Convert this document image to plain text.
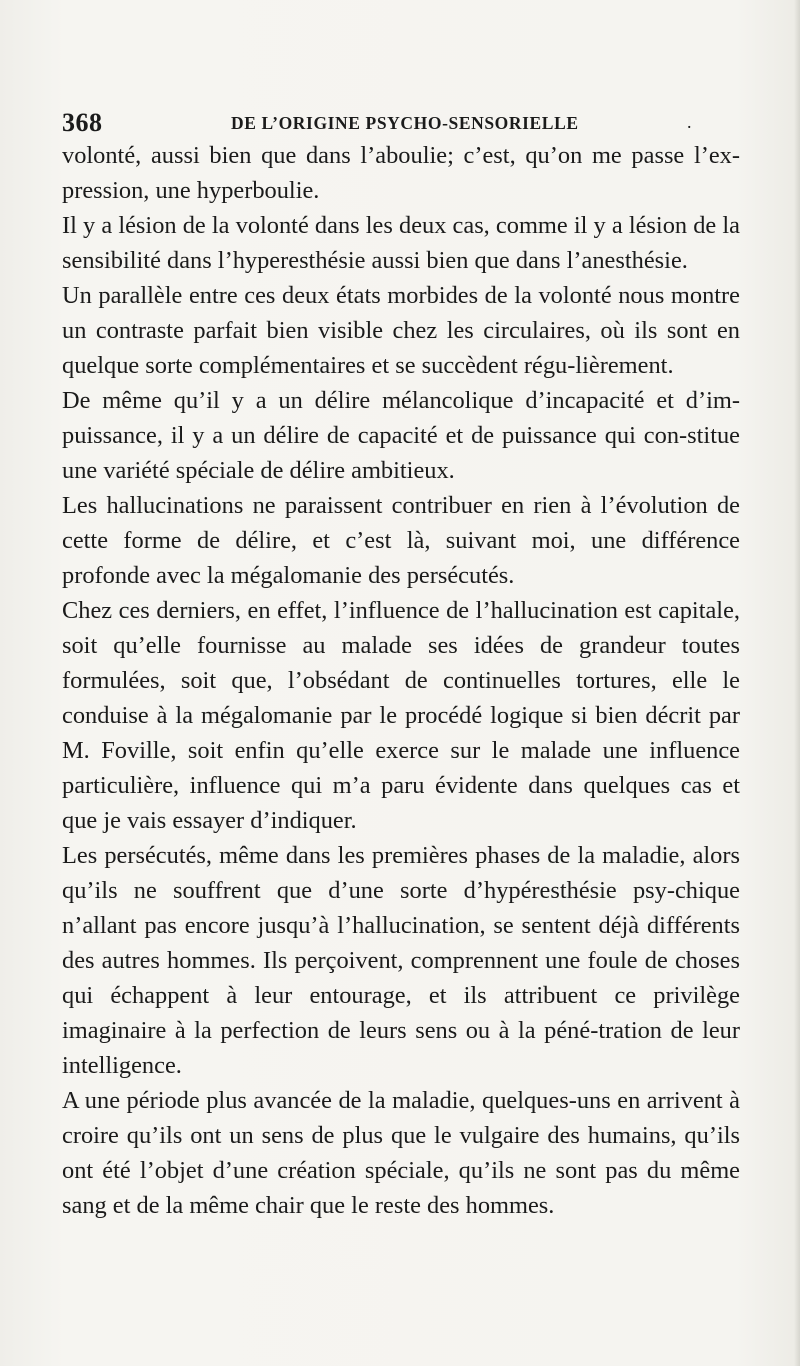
368	DE L’ORIGINE PSYCHO-SENSORIELLE	.

volonté, aussi bien que dans l’aboulie; c’est, qu’on me passe l’ex-pression, une hyperboulie.

Il y a lésion de la volonté dans les deux cas, comme il y a lésion de la sensibilité dans l’hyperesthésie aussi bien que dans l’anesthésie.

Un parallèle entre ces deux états morbides de la volonté nous montre un contraste parfait bien visible chez les circulaires, où ils sont en quelque sorte complémentaires et se succèdent régu-lièrement.

De même qu’il y a un délire mélancolique d’incapacité et d’im-puissance, il y a un délire de capacité et de puissance qui con-stitue une variété spéciale de délire ambitieux.

Les hallucinations ne paraissent contribuer en rien à l’évolution de cette forme de délire, et c’est là, suivant moi, une différence profonde avec la mégalomanie des persécutés.

Chez ces derniers, en effet, l’influence de l’hallucination est capitale, soit qu’elle fournisse au malade ses idées de grandeur toutes formulées, soit que, l’obsédant de continuelles tortures, elle le conduise à la mégalomanie par le procédé logique si bien décrit par M. Foville, soit enfin qu’elle exerce sur le malade une influence particulière, influence qui m’a paru évidente dans quelques cas et que je vais essayer d’indiquer.

Les persécutés, même dans les premières phases de la maladie, alors qu’ils ne souffrent que d’une sorte d’hypéresthésie psy-chique n’allant pas encore jusqu’à l’hallucination, se sentent déjà différents des autres hommes. Ils perçoivent, comprennent une foule de choses qui échappent à leur entourage, et ils attribuent ce privilège imaginaire à la perfection de leurs sens ou à la péné-tration de leur intelligence.

A une période plus avancée de la maladie, quelques-uns en arrivent à croire qu’ils ont un sens de plus que le vulgaire des humains, qu’ils ont été l’objet d’une création spéciale, qu’ils ne sont pas du même sang et de la même chair que le reste des hommes.
